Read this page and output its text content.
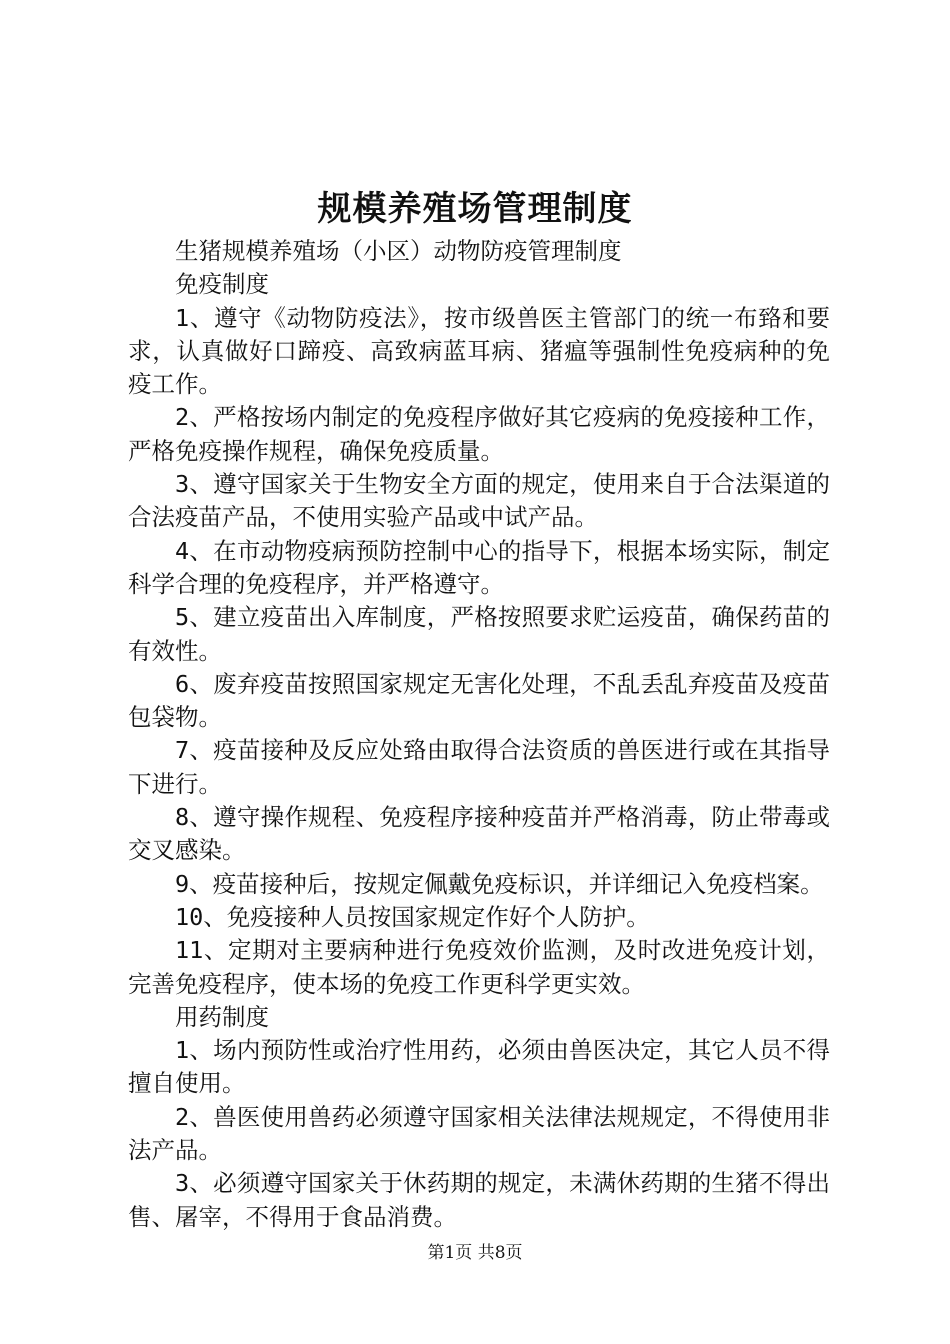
规模养殖场管理制度

生猪规模养殖场（小区）动物防疫管理制度

免疫制度

1、遵守《动物防疫法》，按市级兽医主管部门的统一布臵和要求，认真做好口蹄疫、高致病蓝耳病、猪瘟等强制性免疫病种的免疫工作。

2、严格按场内制定的免疫程序做好其它疫病的免疫接种工作，严格免疫操作规程，确保免疫质量。

3、遵守国家关于生物安全方面的规定，使用来自于合法渠道的合法疫苗产品，不使用实验产品或中试产品。

4、在市动物疫病预防控制中心的指导下，根据本场实际，制定科学合理的免疫程序，并严格遵守。

5、建立疫苗出入库制度，严格按照要求贮运疫苗，确保药苗的有效性。

6、废弃疫苗按照国家规定无害化处理，不乱丢乱弃疫苗及疫苗包袋物。

7、疫苗接种及反应处臵由取得合法资质的兽医进行或在其指导下进行。

8、遵守操作规程、免疫程序接种疫苗并严格消毒，防止带毒或交叉感染。

9、疫苗接种后，按规定佩戴免疫标识，并详细记入免疫档案。

10、免疫接种人员按国家规定作好个人防护。

11、定期对主要病种进行免疫效价监测，及时改进免疫计划，完善免疫程序，使本场的免疫工作更科学更实效。

用药制度

1、场内预防性或治疗性用药，必须由兽医决定，其它人员不得擅自使用。

2、兽医使用兽药必须遵守国家相关法律法规规定，不得使用非法产品。

3、必须遵守国家关于休药期的规定，未满休药期的生猪不得出售、屠宰，不得用于食品消费。

第1页 共8页
